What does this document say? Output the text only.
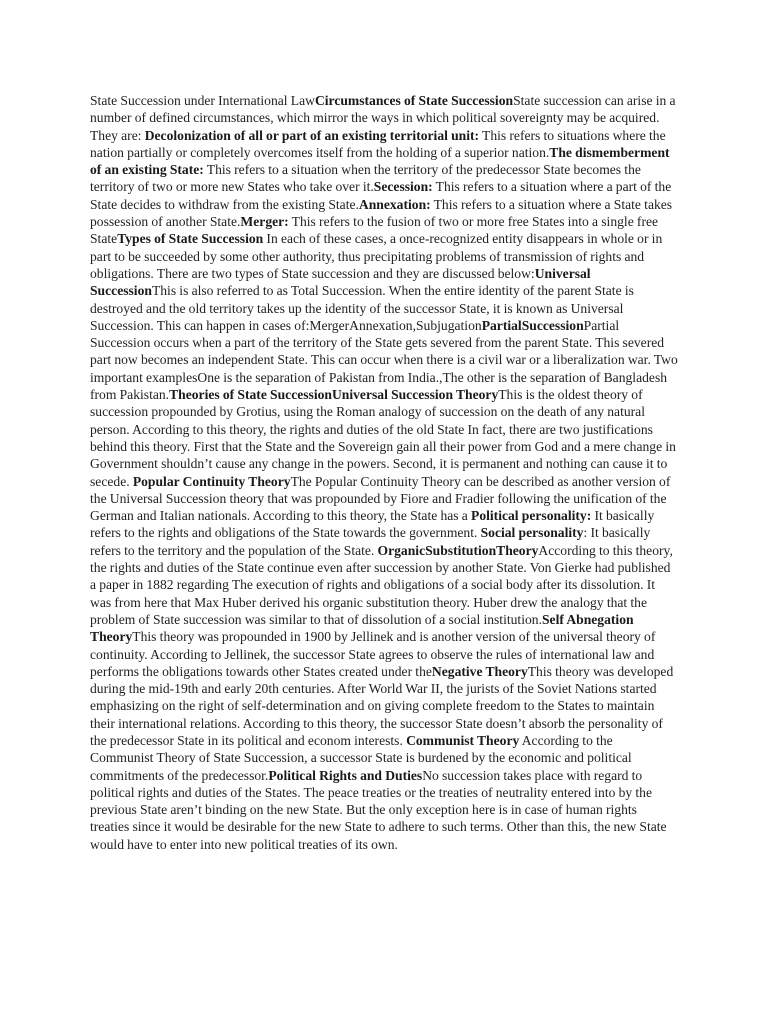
State Succession under International LawCircumstances of State SuccessionState succession can arise in a number of defined circumstances, which mirror the ways in which political sovereignty may be acquired. They are: Decolonization of all or part of an existing territorial unit: This refers to situations where the nation partially or completely overcomes itself from the holding of a superior nation.The dismemberment of an existing State: This refers to a situation when the territory of the predecessor State becomes the territory of two or more new States who take over it.Secession: This refers to a situation where a part of the State decides to withdraw from the existing State.Annexation: This refers to a situation where a State takes possession of another State.Merger: This refers to the fusion of two or more free States into a single free StateTypes of State Succession In each of these cases, a once-recognized entity disappears in whole or in part to be succeeded by some other authority, thus precipitating problems of transmission of rights and obligations. There are two types of State succession and they are discussed below:Universal SuccessionThis is also referred to as Total Succession. When the entire identity of the parent State is destroyed and the old territory takes up the identity of the successor State, it is known as Universal Succession. This can happen in cases of:MergerAnnexation,SubjugationPartialSuccessionPartial Succession occurs when a part of the territory of the State gets severed from the parent State. This severed part now becomes an independent State. This can occur when there is a civil war or a liberalization war. Two important examplesOne is the separation of Pakistan from India.,The other is the separation of Bangladesh from Pakistan.Theories of State SuccessionUniversal Succession TheoryThis is the oldest theory of succession propounded by Grotius, using the Roman analogy of succession on the death of any natural person. According to this theory, the rights and duties of the old State In fact, there are two justifications behind this theory. First that the State and the Sovereign gain all their power from God and a mere change in Government shouldn’t cause any change in the powers. Second, it is permanent and nothing can cause it to secede. Popular Continuity TheoryThe Popular Continuity Theory can be described as another version of the Universal Succession theory that was propounded by Fiore and Fradier following the unification of the German and Italian nationals. According to this theory, the State has a Political personality: It basically refers to the rights and obligations of the State towards the government. Social personality: It basically refers to the territory and the population of the State. OrganicSubstitutionTheoryAccording to this theory, the rights and duties of the State continue even after succession by another State. Von Gierke had published a paper in 1882 regarding The execution of rights and obligations of a social body after its dissolution. It was from here that Max Huber derived his organic substitution theory. Huber drew the analogy that the problem of State succession was similar to that of dissolution of a social institution.Self Abnegation TheoryThis theory was propounded in 1900 by Jellinek and is another version of the universal theory of continuity. According to Jellinek, the successor State agrees to observe the rules of international law and performs the obligations towards other States created under theNegative TheoryThis theory was developed during the mid-19th and early 20th centuries. After World War II, the jurists of the Soviet Nations started emphasizing on the right of self-determination and on giving complete freedom to the States to maintain their international relations. According to this theory, the successor State doesn’t absorb the personality of the predecessor State in its political and econom interests. Communist Theory According to the Communist Theory of State Succession, a successor State is burdened by the economic and political commitments of the predecessor.Political Rights and DutiesNo succession takes place with regard to political rights and duties of the States. The peace treaties or the treaties of neutrality entered into by the previous State aren’t binding on the new State. But the only exception here is in case of human rights treaties since it would be desirable for the new State to adhere to such terms. Other than this, the new State would have to enter into new political treaties of its own.
